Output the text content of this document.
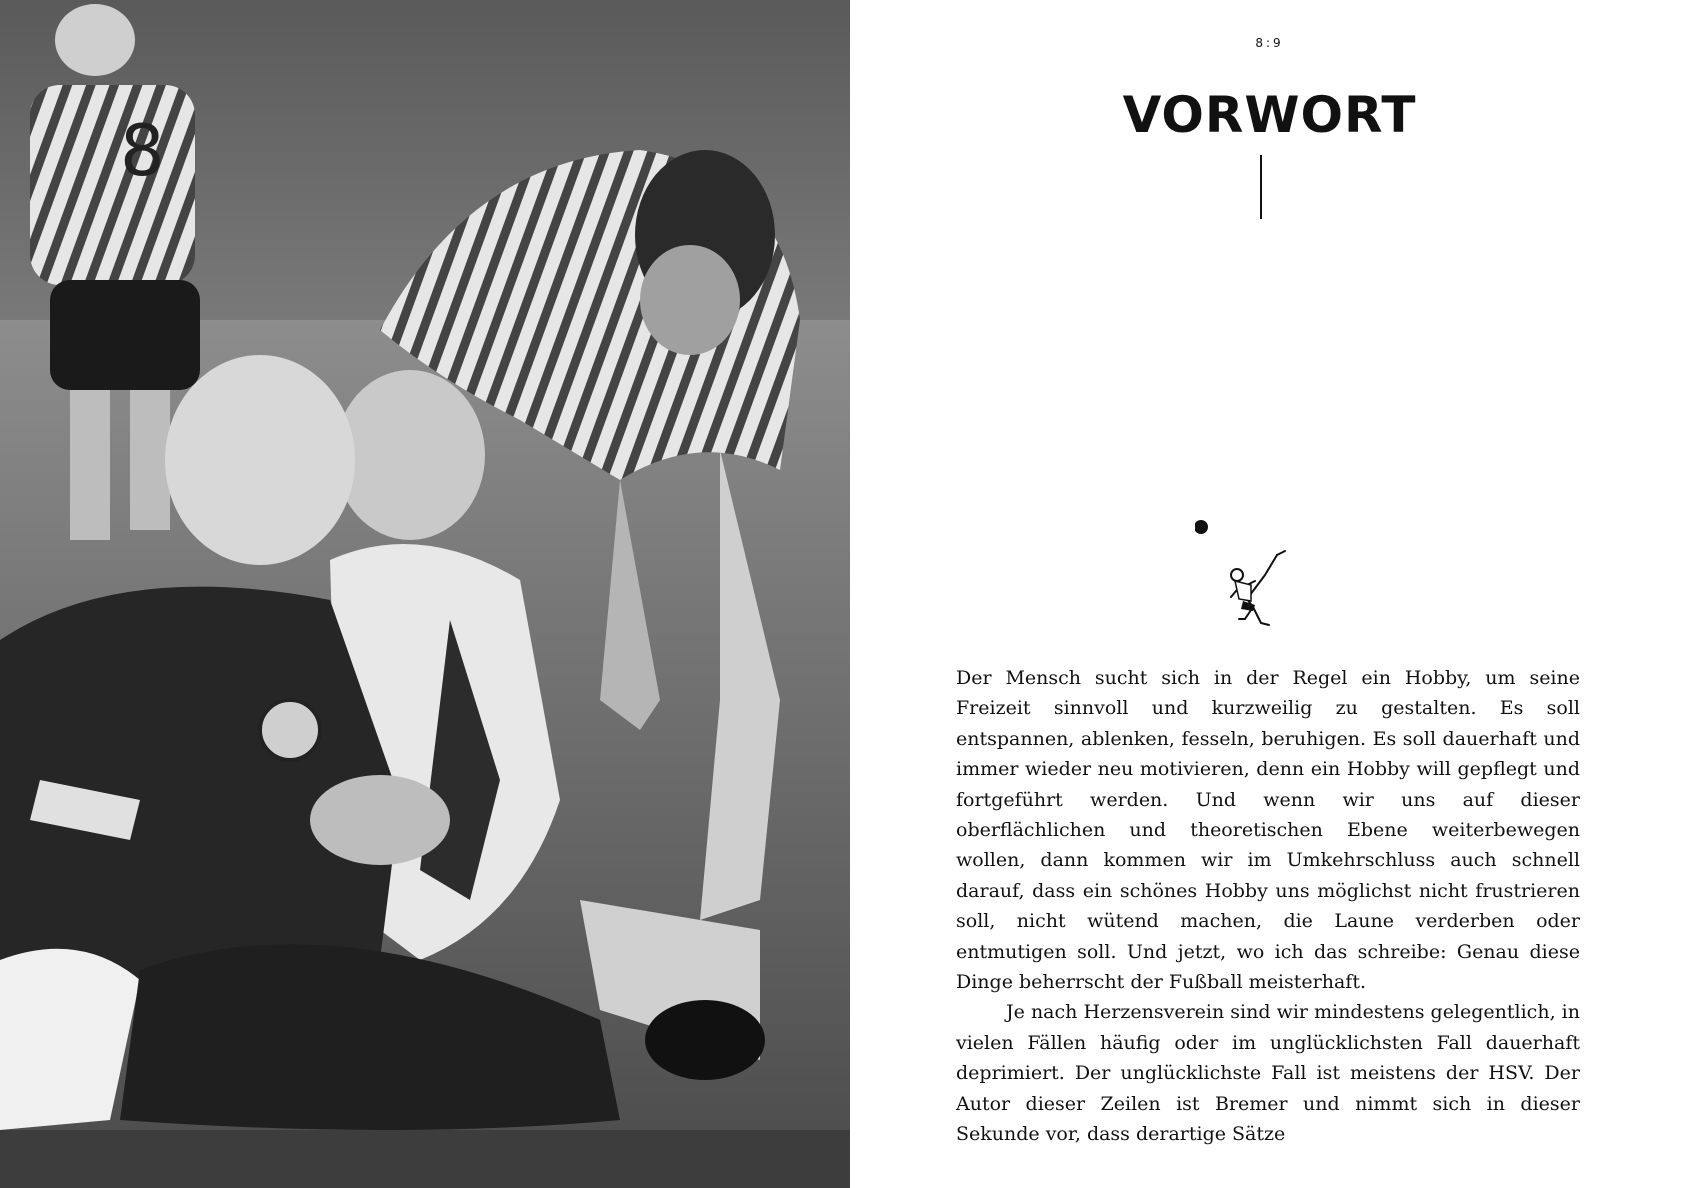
8
8:9
VORWORT

Der Mensch sucht sich in der Regel ein Hobby, um seine Freizeit sinnvoll und kurzweilig zu gestalten. Es soll entspannen, ablenken, fesseln, beruhigen. Es soll dauerhaft und immer wieder neu motivieren, denn ein Hobby will gepflegt und fortgeführt werden. Und wenn wir uns auf dieser oberflächlichen und theoretischen Ebene weiterbewegen wollen, dann kommen wir im Umkehrschluss auch schnell darauf, dass ein schönes Hobby uns möglichst nicht frustrieren soll, nicht wütend machen, die Laune verderben oder entmutigen soll. Und jetzt, wo ich das schreibe: Genau diese Dinge beherrscht der Fußball meisterhaft.

Je nach Herzensverein sind wir mindestens gelegentlich, in vielen Fällen häufig oder im unglücklichsten Fall dauerhaft deprimiert. Der unglücklichste Fall ist meistens der HSV. Der Autor dieser Zeilen ist Bremer und nimmt sich in dieser Sekunde vor, dass derartige Sätze
